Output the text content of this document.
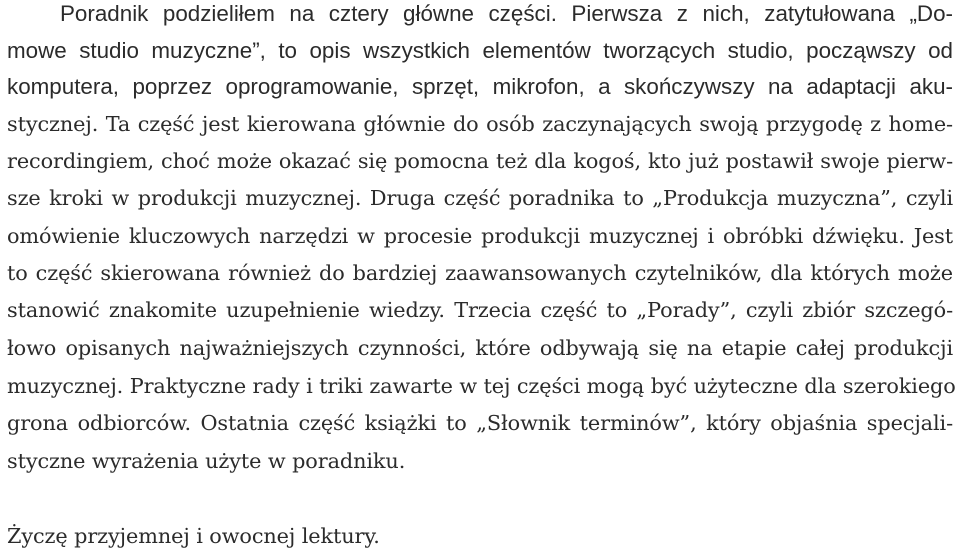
Poradnik podzieliłem na cztery główne części. Pierwsza z nich, zatytułowana „Do-
mowe studio muzyczne”, to opis wszystkich elementów tworzących studio, począwszy od
komputera, poprzez oprogramowanie, sprzęt, mikrofon, a skończywszy na adaptacji aku-
stycznej. Ta część jest kierowana głównie do osób zaczynających swoją przygodę z home-
recordingiem, choć może okazać się pomocna też dla kogoś, kto już postawił swoje pierw-
sze kroki w produkcji muzycznej. Druga część poradnika to „Produkcja muzyczna”, czyli
omówienie kluczowych narzędzi w procesie produkcji muzycznej i obróbki dźwięku. Jest
to część skierowana również do bardziej zaawansowanych czytelników, dla których może
stanowić znakomite uzupełnienie wiedzy. Trzecia część to „Porady”, czyli zbiór szczegó-
łowo opisanych najważniejszych czynności, które odbywają się na etapie całej produkcji
muzycznej. Praktyczne rady i triki zawarte w tej części mogą być użyteczne dla szerokiego
grona odbiorców. Ostatnia część książki to „Słownik terminów”, który objaśnia specjali-
styczne wyrażenia użyte w poradniku.
Życzę przyjemnej i owocnej lektury.
